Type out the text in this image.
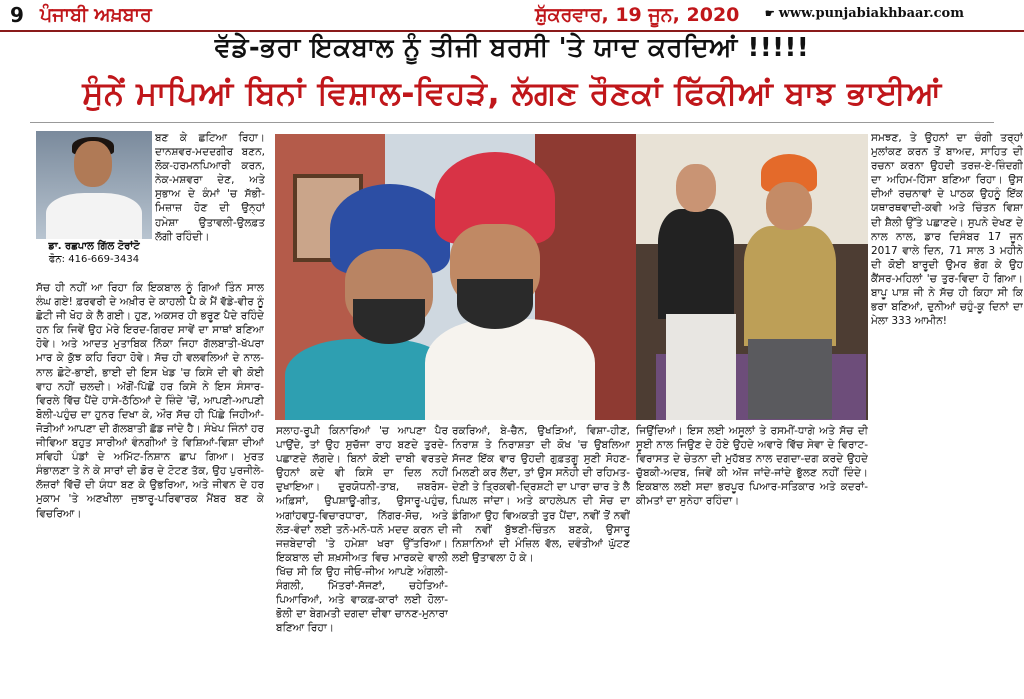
9 ਪੰਜਾਬੀ ਅਖ਼ਬਾਰ	ਸ਼ੁੱਕਰਵਾਰ, 19 ਜੂਨ, 2020 ☛ www.punjabiakhbaar.com
ਵੱਡੇ-ਭਰਾ ਇਕਬਾਲ ਨੂੰ ਤੀਜੀ ਬਰਸੀ 'ਤੇ ਯਾਦ ਕਰਦਿਆਂ !!!!!
ਸੁੰਨੇਂ ਮਾਪਿਆਂ ਬਿਨਾਂ ਵਿਸ਼ਾਲ-ਵਿਹੜੇ, ਲੱਗਣ ਰੌਣਕਾਂ ਫਿੱਕੀਆਂ ਬਾਝ ਭਾਈਆਂ
ਡਾ. ਰਛਪਾਲ ਗਿੱਲ ਟੋਰਾਂਟੋ
ਫੋਨ: 416-669-3434

ਬਣ ਕੇ ਛਟਿਆ ਰਿਹਾ। ਦਾਨਸ਼ਵਰ-ਮਦਦਗੀਰ ਬਣਨ, ਲੋਕ-ਹਰਮਨਪਿਆਰੀ ਕਰਨ, ਨੇਕ-ਮਸ਼ਵਰਾ ਦੇਣ, ਅਤੇ ਸੁਭਾਅ ਦੇ ਕੰਮਾਂ 'ਚ ਸੱਭੀ-ਮਿਜ਼ਾਜ਼ ਹੋਣ ਦੀ ਉਨ੍ਹਾਂ ਹਮੇਸ਼ਾ ਉਤਾਵਲੀ-ਉਲਫ਼ਤ ਲੱਗੀ ਰਹਿੰਦੀ।

ਸੱਚ ਹੀ ਨਹੀਂ ਆ ਰਿਹਾ ਕਿ ਇਕਬਾਲ ਨੂੰ ਗਿਆਂ ਤਿੰਨ ਸਾਲ ਲੰਘ ਗਏ! ਫ਼ਰਵਰੀ ਦੇ ਅਖ਼ੀਰ ਦੇ ਕਾਹਲੀ ਪੈ ਕੇ ਮੈਂ ਵੱਡੇ-ਵੀਰ ਨੂੰ ਛੋਟੀ ਜੀ ਖੋਹ ਕੇ ਲੈ ਗਈ। ਹੁਣ, ਅਕਸਰ ਹੀ ਭਰੂਣ ਪੈਦੇ ਰਹਿੰਦੇ ਹਨ ਕਿ ਜਿਵੇਂ ਉਹ ਮੇਰੇ ਇਰਦ-ਗਿਰਦ ਸਾਵੇਂ ਦਾ ਸਾਥਾਂ ਬਣਿਆ ਹੋਵੇ। ਅਤੇ ਆਦਤ ਮੁਤਾਬਿਕ ਨਿੱਕਾ ਜਿਹਾ ਗੱਲਬਾਤੀ-ਖੱਪਰਾ ਮਾਰ ਕੇ ਕੁੱਝ ਕਹਿ ਰਿਹਾ ਹੋਵੇ। ਸੱਚ ਹੀ ਵਲਵਲਿਆਂ ਦੇ ਨਾਲ-ਨਾਲ ਛੋਟੇ-ਭਾਈ, ਭਾਈ ਦੀ ਇਸ ਖੇਡ 'ਚ ਕਿਸੇ ਦੀ ਵੀ ਕੋਈ ਵਾਹ ਨਹੀਂ ਚਲਦੀ। ਅੱਗੋਂ-ਪਿੱਛੋਂ ਹਰ ਕਿਸੇ ਨੇ ਇਸ ਸੰਸਾਰ-ਵਿਰਲੇ ਵਿੱਚ ਪੈਂਦੇ ਹਾਸੇ-ਠੱਠਿਆਂ ਦੇ ਜ਼ਿੰਦੇ 'ਚੋਂ, ਆਪਣੀ-ਆਪਣੀ ਬੋਲੀ-ਪਹੁੰਚ ਦਾ ਹੁਨਰ ਦਿਖਾ ਕੇ, ਔਰ ਸੱਚ ਹੀ ਪਿੱਛੇ ਜਿਹੀਆਂ-ਜੋੜੀਆਂ ਆਪਣਾ ਦੀ ਗੱਲਬਾਤੀ ਛੱਡ ਜਾਂਦੇ ਹੈ। ਸੰਖੇਪ ਜਿੰਨਾਂ ਹਰ ਜੀਵਿਆ ਬਹੁਤ ਸਾਰੀਆਂ ਵੰਨਗੀਆਂ ਤੇ ਵਿਸ਼ਿਆਂ-ਵਿਸ਼ਾ ਦੀਆਂ ਸਵਿਹੀ ਪੰਡਾਂ ਦੇ ਅਮਿੱਟ-ਨਿਸ਼ਾਨ ਛਾਪ ਗਿਆ। ਮੁਰਤ ਸੰਭਾਲਣਾ ਤੇ ਨੇ ਕੇ ਸਾਰਾਂ ਦੀ ਡੋਰ ਦੇ ਟੋਟਣ ਤੱਕ, ਉਹ ਪੁਰਜੀਲੇ-ਲੱਜ਼ਰਾਂ ਵਿੱਚੋਂ ਦੀ ਯੰਧਾ ਬਣ ਕੇ ਉਭਰਿਆ, ਅਤੇ ਜੀਵਨ ਦੇ ਹਰ ਮੁਕਾਮ 'ਤੇ ਅਣਖੀਲਾ ਜੁਝਾਰੂ-ਪਰਿਵਾਰਕ ਮੈਂਬਰ ਬਣ ਕੇ ਵਿਚਰਿਆ।

ਸਲਾਹ-ਰੂਪੀ ਕਿਨਾਰਿਆਂ 'ਚ ਆਪਣਾ ਪੈਰ ਪਾਉਂਦੇ, ਤਾਂ ਉਹ ਸੁਚੱਜਾ ਰਾਹ ਬਣਦੇ ਤੁਰਦੇ-ਪਛਾਣਦੇ ਲੱਗਦੇ। ਬਿਨਾਂ ਕੋਈ ਦਾਬੀ ਵਰਤਦੇ ਉਹਨਾਂ ਕਦੇ ਵੀ ਕਿਸੇ ਦਾ ਦਿਲ ਨਹੀਂ ਦੁਖਾਇਆ। ਦੁਰਯੋਧਨੀ-ਤਾਬ, ਜ਼ਬਰੋਸ-ਅਫ਼ਿਸਾਂ, ਉਪਸ਼ਾਊ-ਗੀਤ, ਉਸਾਰੂ-ਪਹੁੰਚ, ਅਗਾਂਹਵਧੂ-ਵਿਚਾਰਧਾਰਾ, ਨਿੱਗਰ-ਸੋਚ, ਅਤੇ ਲੋੜ-ਵੰਦਾਂ ਲਈ ਤਨੋ-ਮਨੋ-ਧਨੋ ਮਦਦ ਕਰਨ ਦੀ ਜਜ਼ਬੇਦਾਰੀ 'ਤੇ ਹਮੇਸ਼ਾ ਖਰਾ ਉੱਤਰਿਆ। ਇਕਬਾਲ ਦੀ ਸ਼ਖ਼ਸੀਅਤ ਵਿਚ ਮਾਰਕਦੇ ਵਾਲੀ ਖਿੱਚ ਸੀ ਕਿ ਉਹ ਜੀਓ-ਜੀਅ ਆਪਣੇ ਅੰਗਲੀ-ਸੰਗਲੀ, ਮਿੱਤਰਾਂ-ਸੱਜਣਾਂ, ਚਹੇਤਿਆਂ-ਪਿਆਰਿਆਂ, ਅਤੇ ਵਾਕਫ਼-ਕਾਰਾਂ ਲਈ ਹੋਲਾ-ਭੋਲੀ ਦਾ ਬੇਗਮਤੀ ਦਗਦਾ ਦੀਵਾ ਚਾਨਣ-ਮੁਨਾਰਾ ਬਣਿਆ ਰਿਹਾ।

ਰਕਰਿਆਂ, ਬੇ-ਚੈਨ, ਉਖੜਿਆਂ, ਵਿਸ਼ਾ-ਹੀਣ, ਨਿਰਾਸ਼ ਤੇ ਨਿਰਾਸ਼ਤਾ ਦੀ ਕੋਖ 'ਚ ਉਬਲਿਆ ਸੱਜਣ ਇੱਕ ਵਾਰ ਉਹਦੀ ਗੁਫ਼ਤਗੂ ਸੁਣੀ ਸੋਹਣ-ਮਿਲਣੀ ਕਰ ਲੈਂਦਾ, ਤਾਂ ਉਸ ਸਨੋਹੀ ਦੀ ਰਹਿਮਤ-ਦੇਣੀ ਤੇ ਤ੍ਰਿਕਵੀ-ਦ੍ਰਿਸ਼ਟੀ ਦਾ ਪਾਰਾ ਚਾਰ ਤੇ ਲੈ ਪਿਘਲ ਜਾਂਦਾ। ਅਤੇ ਕਾਹਲੇਪਨ ਦੀ ਸੋਚ ਦਾ ਡੰਗਿਆ ਉਹ ਵਿਅਕਤੀ ਤੁਰ ਪੈਂਦਾ, ਨਵੀਂ ਤੋਂ ਨਵੀਂ ਜੀ ਨਵੀਂ ਬੁੱਝਣੀ-ਚਿੰਤਨ ਬਣਕੇ, ਉਸਾਰੂ ਨਿਸ਼ਾਨਿਆਂ ਦੀ ਮੰਜ਼ਿਲ ਵੱਲ, ਦਵੰਤੀਆਂ ਘੁੱਟਣ ਲਈ ਉਤਾਵਲਾ ਹੋ ਕੇ।

ਜਿਉਂਦਿਆਂ। ਇਸ ਲਈ ਅਸੂਲਾਂ ਤੇ ਰਸਮੀਂ-ਧਾਗੇ ਅਤੇ ਸੱਚ ਦੀ ਸੂਈ ਨਾਲ ਜਿਉਣ ਦੇ ਹੋਏ ਉਹਦੇ ਅਵਾਰੇ ਵਿੱਚ ਸੇਵਾ ਦੇ ਵਿਰਾਟ-ਵਿਰਾਸਤ ਦੇ ਚੇਤਨਾ ਦੀ ਮੁਹੱਬਤ ਨਾਲ ਦਗਦਾ-ਦਗ ਕਰਦੇ ਉਹਦੇ ਚੁੱਬਕੀ-ਅਦਬ, ਜਿਵੇਂ ਕੀ ਅੱਜ ਜਾਂਦੇ-ਜਾਂਦੇ ਭੁੱਲਣ ਨਹੀਂ ਦਿੰਦੇ। ਇਕਬਾਲ ਲਈ ਸਦਾ ਭਰਪੂਰ ਪਿਆਰ-ਸਤਿਕਾਰ ਅਤੇ ਕਦਰਾਂ-ਕੀਮਤਾਂ ਦਾ ਸੁਨੇਹਾ ਰਹਿੰਦਾ।

ਸਮਝਣ, ਤੇ ਉਹਨਾਂ ਦਾ ਚੰਗੀ ਤਰ੍ਹਾਂ ਮੁਲਾਂਕਣ ਕਰਨ ਤੋਂ ਬਾਅਦ, ਸਾਹਿਤ ਦੀ ਰਚਨਾ ਕਰਨਾ ਉਹਦੀ ਤਰਜ਼-ਏ-ਜ਼ਿੰਦਗੀ ਦਾ ਅਹਿਮ-ਹਿੱਸਾ ਬਣਿਆ ਰਿਹਾ। ਉਸ ਦੀਆਂ ਰਚਨਾਵਾਂ ਦੇ ਪਾਠਕ ਉਹਨੂੰ ਇੱਕ ਯਥਾਰਥਵਾਦੀ-ਕਵੀ ਅਤੇ ਚਿੰਤਨ ਵਿਸ਼ਾ ਦੀ ਸ਼ੈਲੀ ਉੱਤੇ ਪਛਾਣਦੇ। ਸੁਪਨੇ ਦੇਖਣ ਦੇ ਨਾਲ ਨਾਲ, ਡਾਰ ਦਿਸੰਬਰ 17 ਜੂਨ 2017 ਵਾਲੇ ਦਿਨ, 71 ਸਾਲ 3 ਮਹੀਨੇ ਦੀ ਕੋਈ ਬਾਰੂਦੀ ਉਮਰ ਭੋਗ ਕੇ ਉਹ ਕੈਂਸਰ-ਮਹਿਲਾਂ 'ਚ ਤੁਰ-ਵਿਦਾ ਹੋ ਗਿਆ। ਬਾਪੂ ਪਾਸ਼ ਜੀ ਨੇ ਸੱਚ ਹੀ ਕਿਹਾ ਸੀ ਕਿ ਭਰਾ ਬਣਿਆਂ, ਦੁਨੀਆਂ ਚਹੁੰ-ਕੂ ਦਿਨਾਂ ਦਾ ਮੇਲਾ 333 ਆਮੀਨ!
